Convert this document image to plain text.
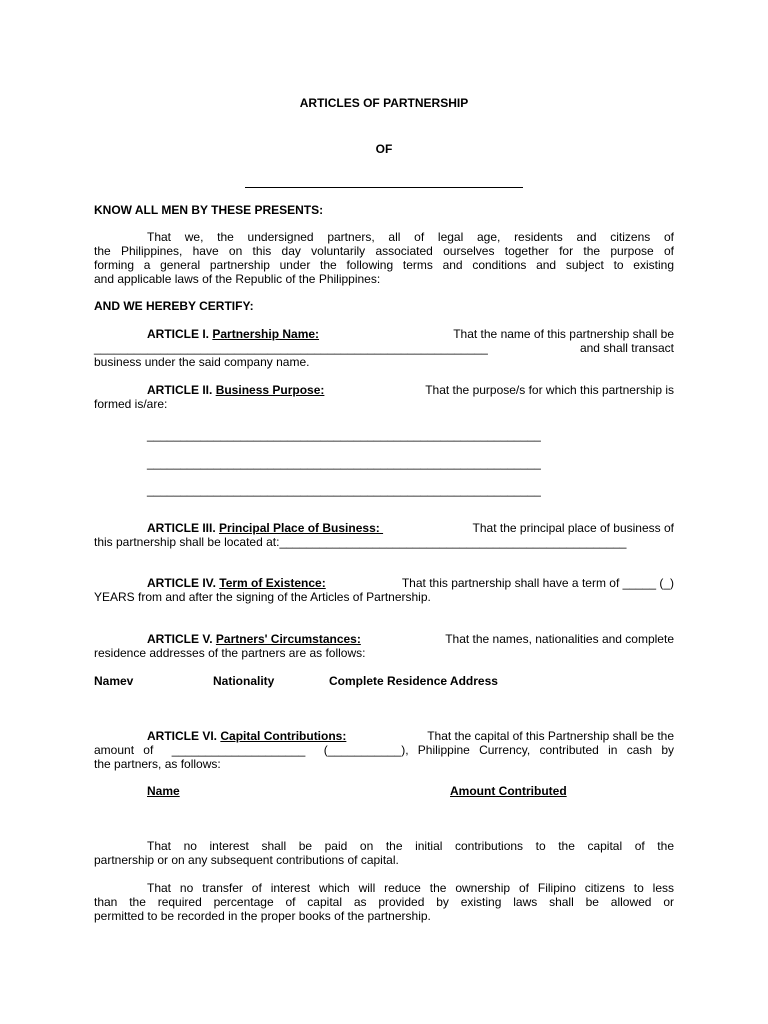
ARTICLES OF PARTNERSHIP
OF
KNOW ALL MEN BY THESE PRESENTS:
That we, the undersigned partners, all of legal age, residents and citizens of
the Philippines, have on this day voluntarily associated ourselves together for the purpose of
forming a general partnership under the following terms and conditions and subject to existing
and applicable laws of the Republic of the Philippines:
AND WE HEREBY CERTIFY:
ARTICLE I. Partnership Name:	That the name of this partnership shall be
___________________________________________________________	and shall transact
business under the said company name.
ARTICLE II. Business Purpose:	That the purpose/s for which this partnership is
formed is/are:
___________________________________________________________
___________________________________________________________
___________________________________________________________
ARTICLE III. Principal Place of Business:	That the principal place of business of
this partnership shall be located at:____________________________________________________
ARTICLE IV. Term of Existence:	That this partnership shall have a term of _____ (_)
YEARS from and after the signing of the Articles of Partnership.
ARTICLE V. Partners' Circumstances:	That the names, nationalities and complete
residence addresses of the partners are as follows:
Namev	Nationality	Complete Residence Address
ARTICLE VI. Capital Contributions:	That the capital of this Partnership shall be the
amount of  ____________________  (___________), Philippine Currency, contributed in cash by
the partners, as follows:
Name	Amount Contributed
That no interest shall be paid on the initial contributions to the capital of the
partnership or on any subsequent contributions of capital.
That no transfer of interest which will reduce the ownership of Filipino citizens to less
than the required percentage of capital as provided by existing laws shall be allowed or
permitted to be recorded in the proper books of the partnership.
